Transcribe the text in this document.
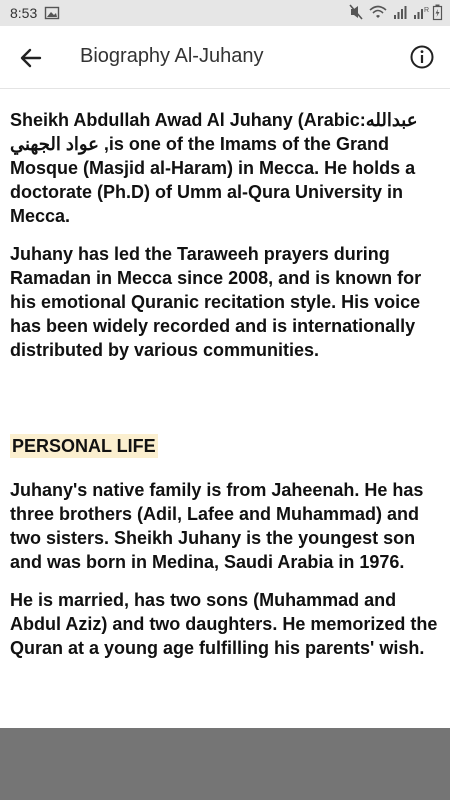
8:53	R
Biography Al-Juhany

Sheikh Abdullah Awad Al Juhany (Arabic:عبدالله عواد الجهني ,is one of the Imams of the Grand Mosque (Masjid al-Haram) in Mecca. He holds a doctorate (Ph.D) of Umm al-Qura University in Mecca.

Juhany has led the Taraweeh prayers during Ramadan in Mecca since 2008, and is known for his emotional Quranic recitation style. His voice has been widely recorded and is internationally distributed by various communities.

PERSONAL LIFE

Juhany's native family is from Jaheenah. He has three brothers (Adil, Lafee and Muhammad) and two sisters. Sheikh Juhany is the youngest son and was born in Medina, Saudi Arabia in 1976.

He is married, has two sons (Muhammad and Abdul Aziz) and two daughters. He memorized the Quran at a young age fulfilling his parents' wish.
